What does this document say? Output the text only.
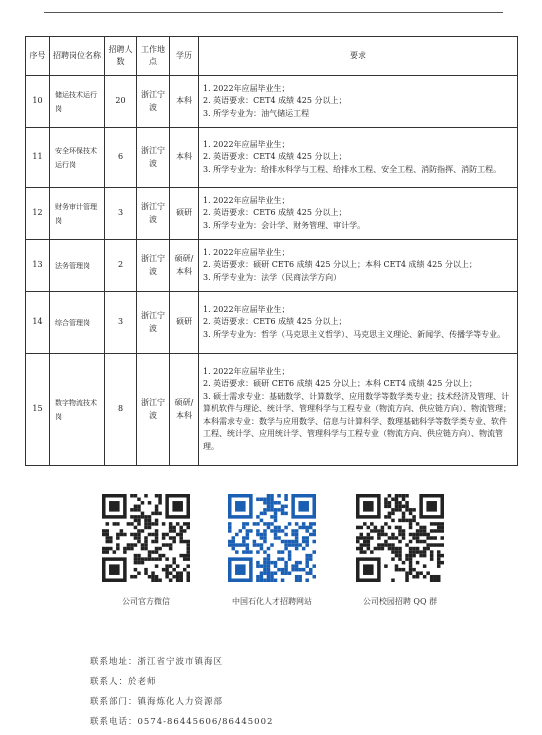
序号	招聘岗位名称	招聘人数	工作地点	学历	要求
10	储运技术运行岗	20	浙江宁波	本科	1. 2022年应届毕业生；
2. 英语要求：CET4 成绩 425 分以上；
3. 所学专业为：油气储运工程

11	安全环保技术运行岗	6	浙江宁波	本科	1. 2022年应届毕业生；
2. 英语要求：CET4 成绩 425 分以上；
3. 所学专业为：给排水科学与工程、给排水工程、安全工程、消防指挥、消防工程。

12	财务审计管理岗	3	浙江宁波	硕研	1. 2022年应届毕业生；
2. 英语要求：CET6 成绩 425 分以上；
3. 所学专业为：会计学、财务管理、审计学。

13	法务管理岗	2	浙江宁波	硕研/本科	1. 2022年应届毕业生；
2. 英语要求：硕研 CET6 成绩 425 分以上；本科 CET4 成绩 425 分以上；
3. 所学专业为：法学（民商法学方向）

14	综合管理岗	3	浙江宁波	硕研	1. 2022年应届毕业生；
2. 英语要求：CET6 成绩 425 分以上；
3. 所学专业为：哲学（马克思主义哲学）、马克思主义理论、新闻学、传播学等专业。

15	数字物流技术岗	8	浙江宁波	硕研/本科	1. 2022年应届毕业生；
2. 英语要求：硕研 CET6 成绩 425 分以上；本科 CET4 成绩 425 分以上；
3. 硕士需求专业：基础数学、计算数学、应用数学等数学类专业；技术经济及管理、计算机软件与理论、统计学、管理科学与工程专业（物流方向、供应链方向）、物流管理；本科需求专业：数学与应用数学、信息与计算科学、数理基础科学等数学类专业、软件工程、统计学、应用统计学、管理科学与工程专业（物流方向、供应链方向）、物流管理。
公司官方微信	中国石化人才招聘网站	公司校园招聘 QQ 群
联系地址：浙江省宁波市镇海区
联系人：於老师
联系部门：镇海炼化人力资源部
联系电话：0574-86445606/86445002
